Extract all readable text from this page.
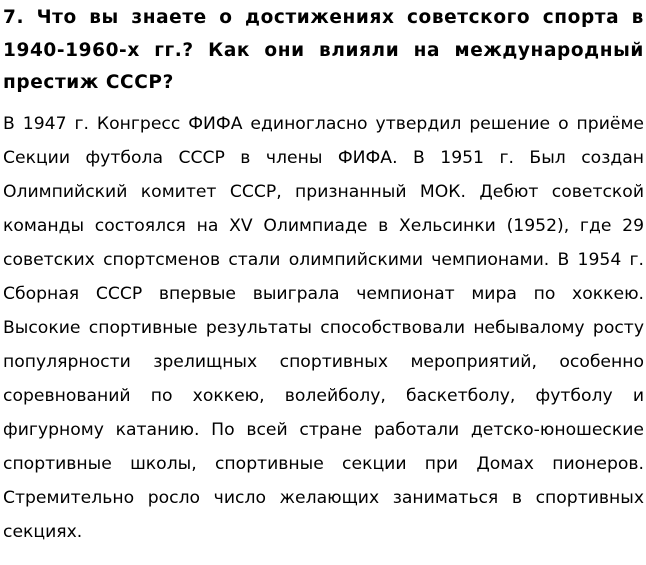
7. Что вы знаете о достижениях советского спорта в 1940-1960-х гг.? Как они влияли на международный престиж СССР?

В 1947 г. Конгресс ФИФА единогласно утвердил решение о приёме Секции футбола СССР в члены ФИФА. В 1951 г. Был создан Олимпийский комитет СССР, признанный МОК. Дебют советской команды состоялся на XV Олимпиаде в Хельсинки (1952), где 29 советских спортсменов стали олимпийскими чемпионами. В 1954 г. Сборная СССР впервые выиграла чемпионат мира по хоккею. Высокие спортивные результаты способствовали небывалому росту популярности зрелищных спортивных мероприятий, особенно соревнований по хоккею, волейболу, баскетболу, футболу и фигурному катанию. По всей стране работали детско-юношеские спортивные школы, спортивные секции при Домах пионеров. Стремительно росло число желающих заниматься в спортивных секциях.
